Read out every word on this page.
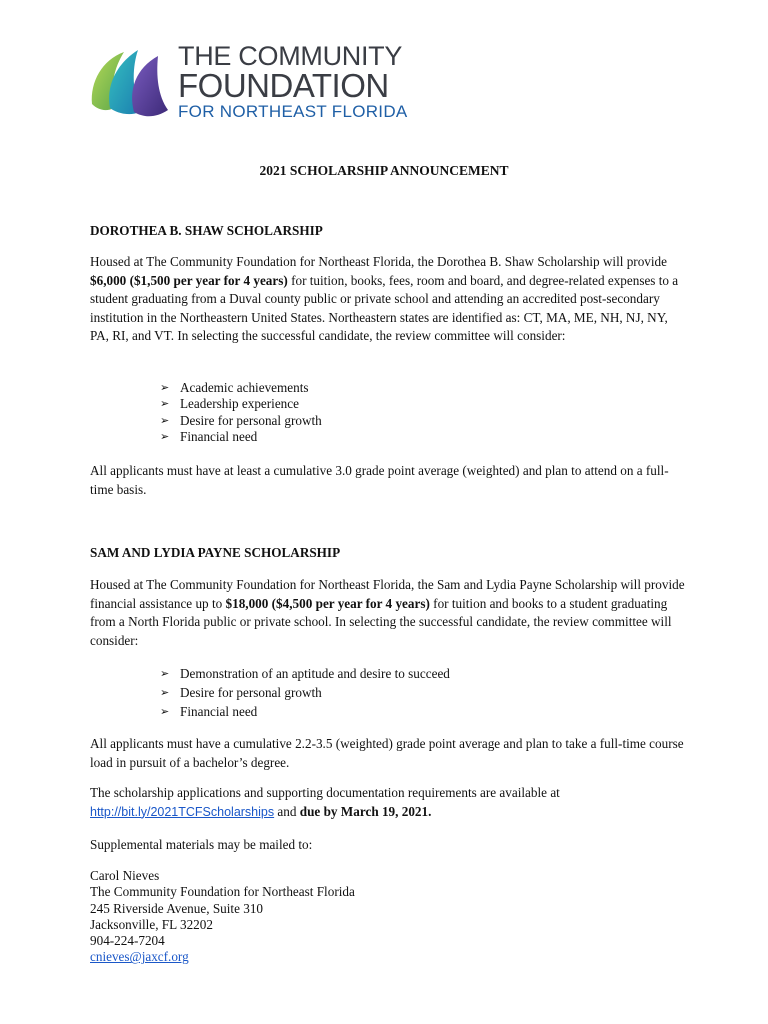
THE COMMUNITY
FOUNDATION
FOR NORTHEAST FLORIDA
2021 SCHOLARSHIP ANNOUNCEMENT
DOROTHEA B. SHAW SCHOLARSHIP

Housed at The Community Foundation for Northeast Florida, the Dorothea B. Shaw Scholarship will provide $6,000 ($1,500 per year for 4 years) for tuition, books, fees, room and board, and degree-related expenses to a student graduating from a Duval county public or private school and attending an accredited post-secondary institution in the Northeastern United States. Northeastern states are identified as: CT, MA, ME, NH, NJ, NY, PA, RI, and VT. In selecting the successful candidate, the review committee will consider:

➢ Academic achievements
➢ Leadership experience
➢ Desire for personal growth
➢ Financial need

All applicants must have at least a cumulative 3.0 grade point average (weighted) and plan to attend on a full-time basis.

SAM AND LYDIA PAYNE SCHOLARSHIP

Housed at The Community Foundation for Northeast Florida, the Sam and Lydia Payne Scholarship will provide financial assistance up to $18,000 ($4,500 per year for 4 years) for tuition and books to a student graduating from a North Florida public or private school. In selecting the successful candidate, the review committee will consider:

➢ Demonstration of an aptitude and desire to succeed
➢ Desire for personal growth
➢ Financial need

All applicants must have a cumulative 2.2-3.5 (weighted) grade point average and plan to take a full-time course load in pursuit of a bachelor’s degree.

The scholarship applications and supporting documentation requirements are available at
http://bit.ly/2021TCFScholarships and due by March 19, 2021.

Supplemental materials may be mailed to:

Carol Nieves
The Community Foundation for Northeast Florida
245 Riverside Avenue, Suite 310
Jacksonville, FL 32202
904-224-7204
cnieves@jaxcf.org
